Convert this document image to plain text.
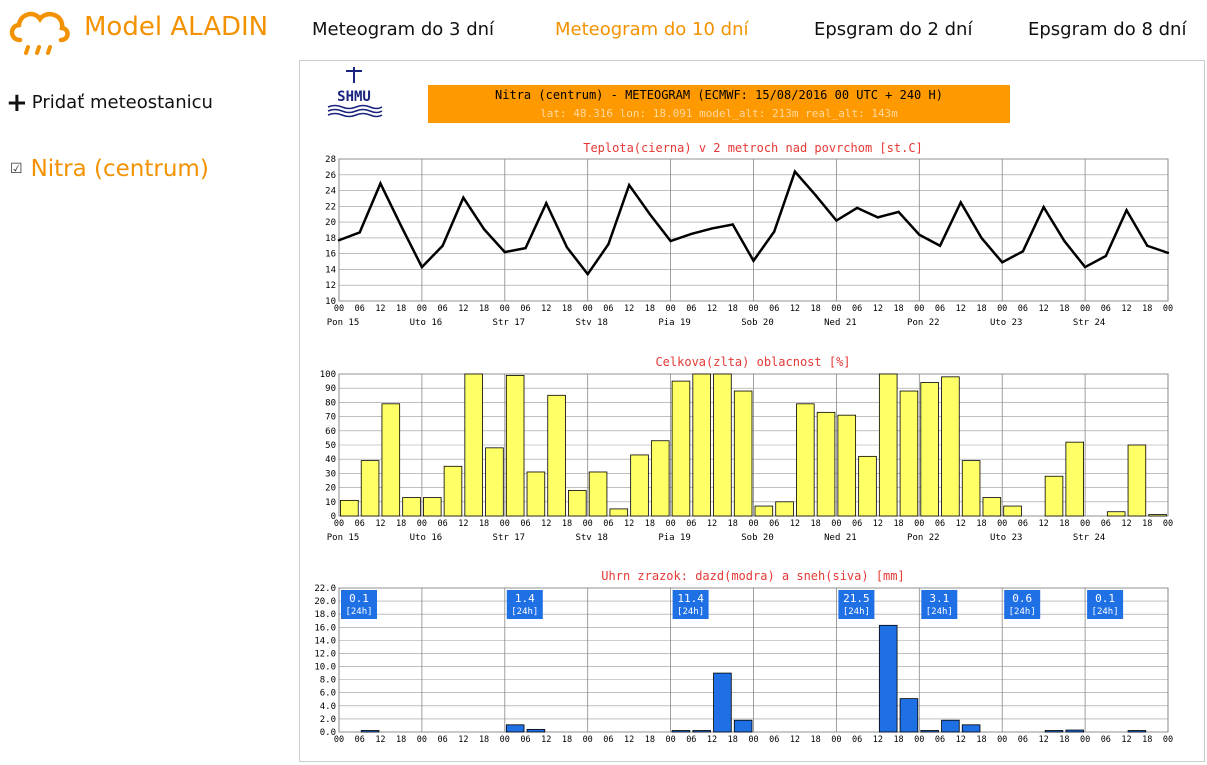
Model ALADIN Meteogram do 3 dní	Meteogram do 10 dní	Epsgram do 2 dní	Epsgram do 8 dní
+ Pridať meteostanicu
☑ Nitra (centrum)
SHMU	Nitra (centrum) - METEOGRAM (ECMWF: 15/08/2016 00 UTC + 240 H)
lat: 48.316 lon: 18.091 model_alt: 213m real_alt: 143m
Teplota(cierna) v 2 metroch nad povrchom [st.C]
10
12
14
16
18
20
22
24
26
28
00 06 12 18 00 06 12 18 00 06 12 18 00 06 12 18 00 06 12 18 00 06 12 18 00 06 12 18 00 06 12 18 00 06 12 18 00 06 12 18 00
Pon 15	Uto 16	Str 17	Stv 18	Pia 19	Sob 20	Ned 21	Pon 22	Uto 23	Str 24
Celkova(zlta) oblacnost [%]
0
10
20
30
40
50
60
70
80
90
100
00 06 12 18 00 06 12 18 00 06 12 18 00 06 12 18 00 06 12 18 00 06 12 18 00 06 12 18 00 06 12 18 00 06 12 18 00 06 12 18 00
Pon 15	Uto 16	Str 17	Stv 18	Pia 19	Sob 20	Ned 21	Pon 22	Uto 23	Str 24
Uhrn zrazok: dazd(modra) a sneh(siva) [mm]
0.0
2.0
4.0
6.0
8.0
10.0
12.0
14.0
16.0
18.0
20.0
22.0
0.1
[24h]
1.4
[24h]
11.4
[24h]
21.5
[24h]
3.1
[24h]
0.6
[24h]
0.1
[24h]
00 06 12 18 00 06 12 18 00 06 12 18 00 06 12 18 00 06 12 18 00 06 12 18 00 06 12 18 00 06 12 18 00 06 12 18 00 06 12 18 00
